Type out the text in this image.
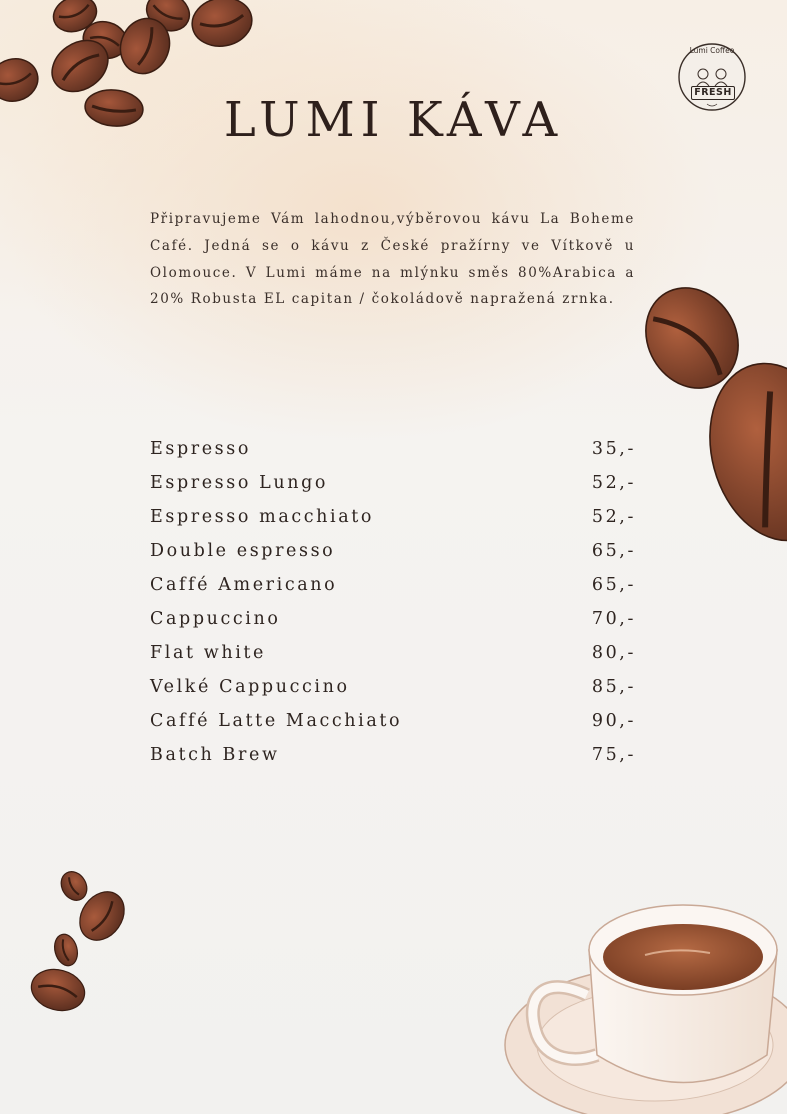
Lumi Coffee
FRESH
LUMI KÁVA

Připravujeme Vám lahodnou,výběrovou kávu La Boheme Café. Jedná se o kávu z České pražírny ve Vítkově u Olomouce. V Lumi máme na mlýnku směs 80%Arabica a 20% Robusta EL capitan / čokoládově napražená zrnka.

Espresso	35,-
Espresso Lungo	52,-
Espresso macchiato	52,-
Double espresso	65,-
Caffé Americano	65,-
Cappuccino	70,-
Flat white	80,-
Velké Cappuccino	85,-
Caffé Latte Macchiato	90,-
Batch Brew	75,-
